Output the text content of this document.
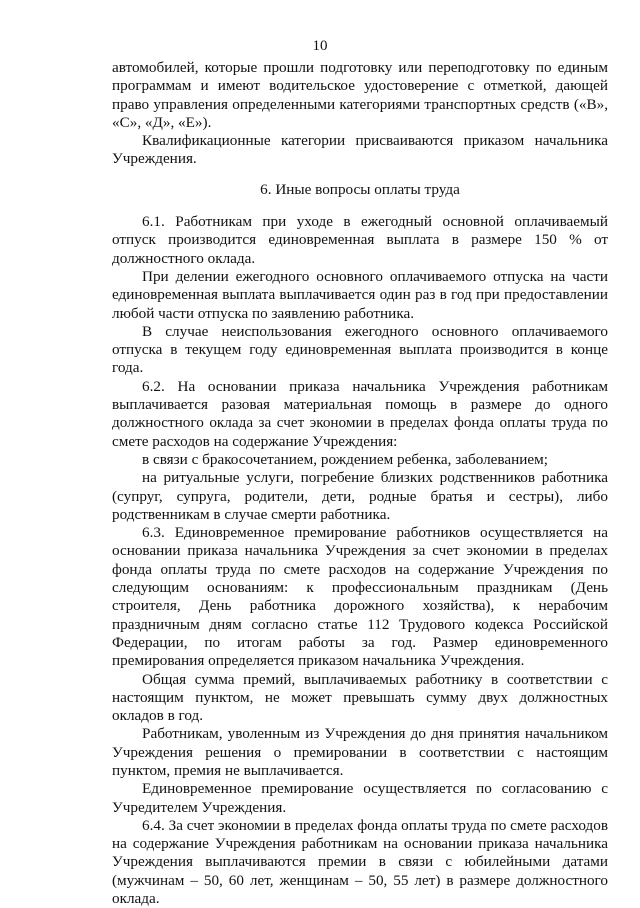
10

автомобилей, которые прошли подготовку или переподготовку по единым программам и имеют водительское удостоверение с отметкой, дающей право управления определенными категориями транспортных средств («В», «С», «Д», «Е»).

Квалификационные категории присваиваются приказом начальника Учреждения.

6. Иные вопросы оплаты труда

6.1. Работникам при уходе в ежегодный основной оплачиваемый отпуск производится единовременная выплата в размере 150 % от должностного оклада.

При делении ежегодного основного оплачиваемого отпуска на части единовременная выплата выплачивается один раз в год при предоставлении любой части отпуска по заявлению работника.

В случае неиспользования ежегодного основного оплачиваемого отпуска в текущем году единовременная выплата производится в конце года.

6.2. На основании приказа начальника Учреждения работникам выплачивается разовая материальная помощь в размере до одного должностного оклада за счет экономии в пределах фонда оплаты труда по смете расходов на содержание Учреждения:

в связи с бракосочетанием, рождением ребенка, заболеванием;

на ритуальные услуги, погребение близких родственников работника (супруг, супруга, родители, дети, родные братья и сестры), либо родственникам в случае смерти работника.

6.3. Единовременное премирование работников осуществляется на основании приказа начальника Учреждения за счет экономии в пределах фонда оплаты труда по смете расходов на содержание Учреждения по следующим основаниям: к профессиональным праздникам (День строителя, День работника дорожного хозяйства), к нерабочим праздничным дням согласно статье 112 Трудового кодекса Российской Федерации, по итогам работы за год. Размер единовременного премирования определяется приказом начальника Учреждения.

Общая сумма премий, выплачиваемых работнику в соответствии с настоящим пунктом, не может превышать сумму двух должностных окладов в год.

Работникам, уволенным из Учреждения до дня принятия начальником Учреждения решения о премировании в соответствии с настоящим пунктом, премия не выплачивается.

Единовременное премирование осуществляется по согласованию с Учредителем Учреждения.

6.4. За счет экономии в пределах фонда оплаты труда по смете расходов на содержание Учреждения работникам на основании приказа начальника Учреждения выплачиваются премии в связи с юбилейными датами (мужчинам – 50, 60 лет, женщинам – 50, 55 лет) в размере должностного оклада.
